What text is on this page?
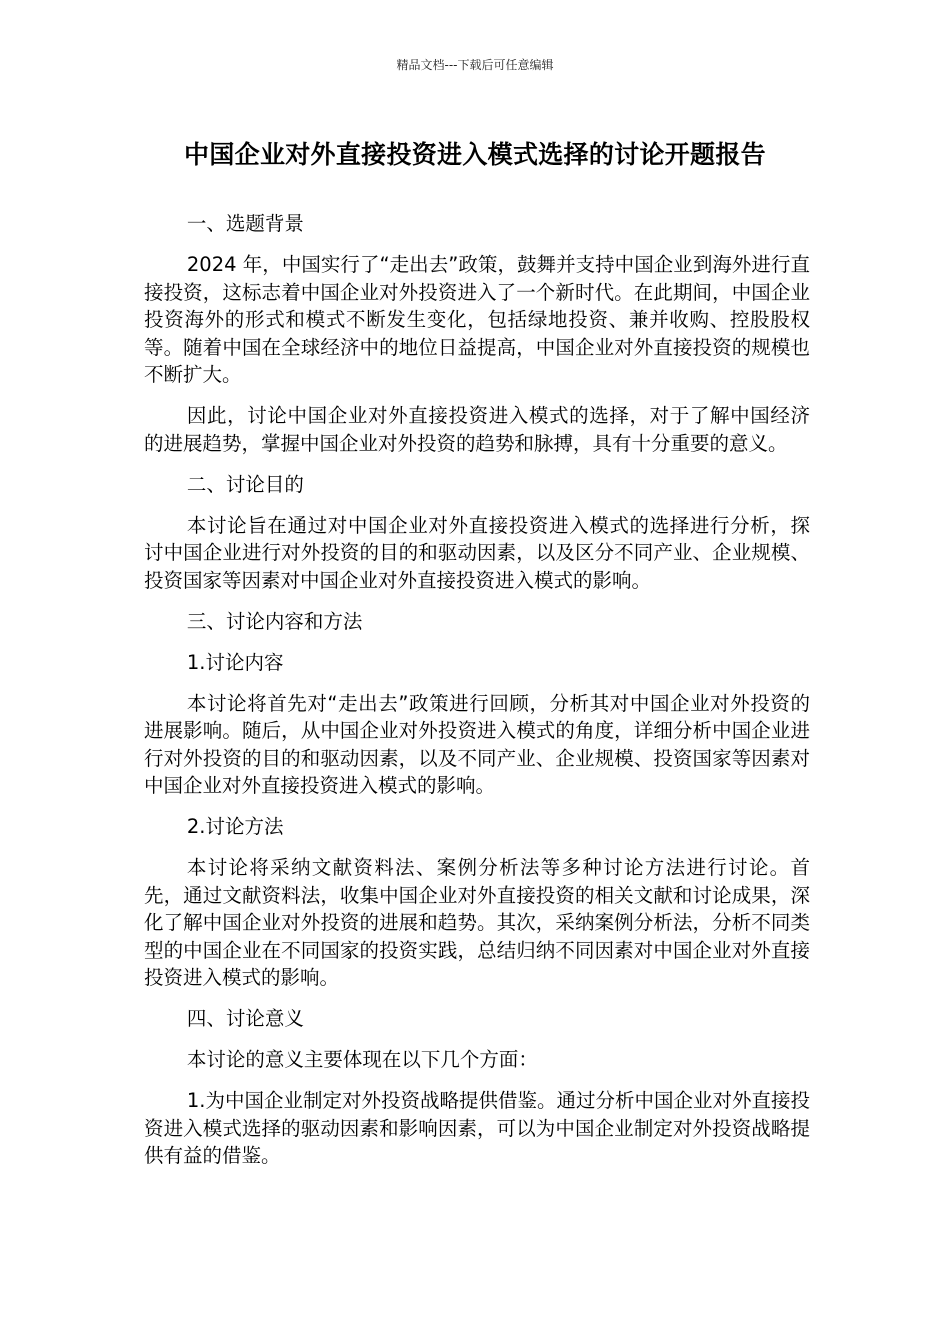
精品文档---下载后可任意编辑
中国企业对外直接投资进入模式选择的讨论开题报告

一、选题背景

2024 年，中国实行了“走出去”政策，鼓舞并支持中国企业到海外进行直接投资，这标志着中国企业对外投资进入了一个新时代。在此期间，中国企业投资海外的形式和模式不断发生变化，包括绿地投资、兼并收购、控股股权等。随着中国在全球经济中的地位日益提高，中国企业对外直接投资的规模也不断扩大。

因此，讨论中国企业对外直接投资进入模式的选择，对于了解中国经济的进展趋势，掌握中国企业对外投资的趋势和脉搏，具有十分重要的意义。

二、讨论目的

本讨论旨在通过对中国企业对外直接投资进入模式的选择进行分析，探讨中国企业进行对外投资的目的和驱动因素，以及区分不同产业、企业规模、投资国家等因素对中国企业对外直接投资进入模式的影响。

三、讨论内容和方法

1.讨论内容

本讨论将首先对“走出去”政策进行回顾，分析其对中国企业对外投资的进展影响。随后，从中国企业对外投资进入模式的角度，详细分析中国企业进行对外投资的目的和驱动因素，以及不同产业、企业规模、投资国家等因素对中国企业对外直接投资进入模式的影响。

2.讨论方法

本讨论将采纳文献资料法、案例分析法等多种讨论方法进行讨论。首先，通过文献资料法，收集中国企业对外直接投资的相关文献和讨论成果，深化了解中国企业对外投资的进展和趋势。其次，采纳案例分析法，分析不同类型的中国企业在不同国家的投资实践，总结归纳不同因素对中国企业对外直接投资进入模式的影响。

四、讨论意义

本讨论的意义主要体现在以下几个方面：

1.为中国企业制定对外投资战略提供借鉴。通过分析中国企业对外直接投资进入模式选择的驱动因素和影响因素，可以为中国企业制定对外投资战略提供有益的借鉴。
